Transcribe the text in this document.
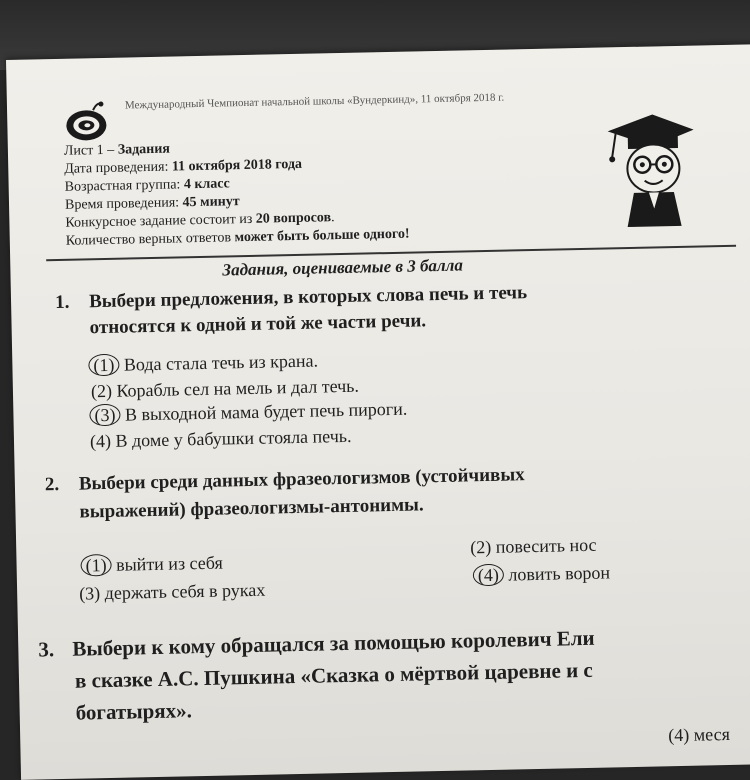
Международный Чемпионат начальной школы «Вундеркинд», 11 октября 2018 г.
Лист 1 – Задания
Дата проведения: 11 октября 2018 года
Возрастная группа: 4 класс
Время проведения: 45 минут
Конкурсное задание состоит из 20 вопросов.
Количество верных ответов может быть больше одного!
Задания, оцениваемые в 3 балла
1. Выбери предложения, в которых слова печь и течь
относятся к одной и той же части речи.
(1) Вода стала течь из крана.
(2) Корабль сел на мель и дал течь.
(3) В выходной мама будет печь пироги.
(4) В доме у бабушки стояла печь.
2. Выбери среди данных фразеологизмов (устойчивых
выражений) фразеологизмы-антонимы.
(1) выйти из себя
(2) повесить нос
(3) держать себя в руках
(4) ловить ворон
3. Выбери к кому обращался за помощью королевич Ели
в сказке А.С. Пушкина «Сказка о мёртвой царевне и с
богатырях».
(4) меся
